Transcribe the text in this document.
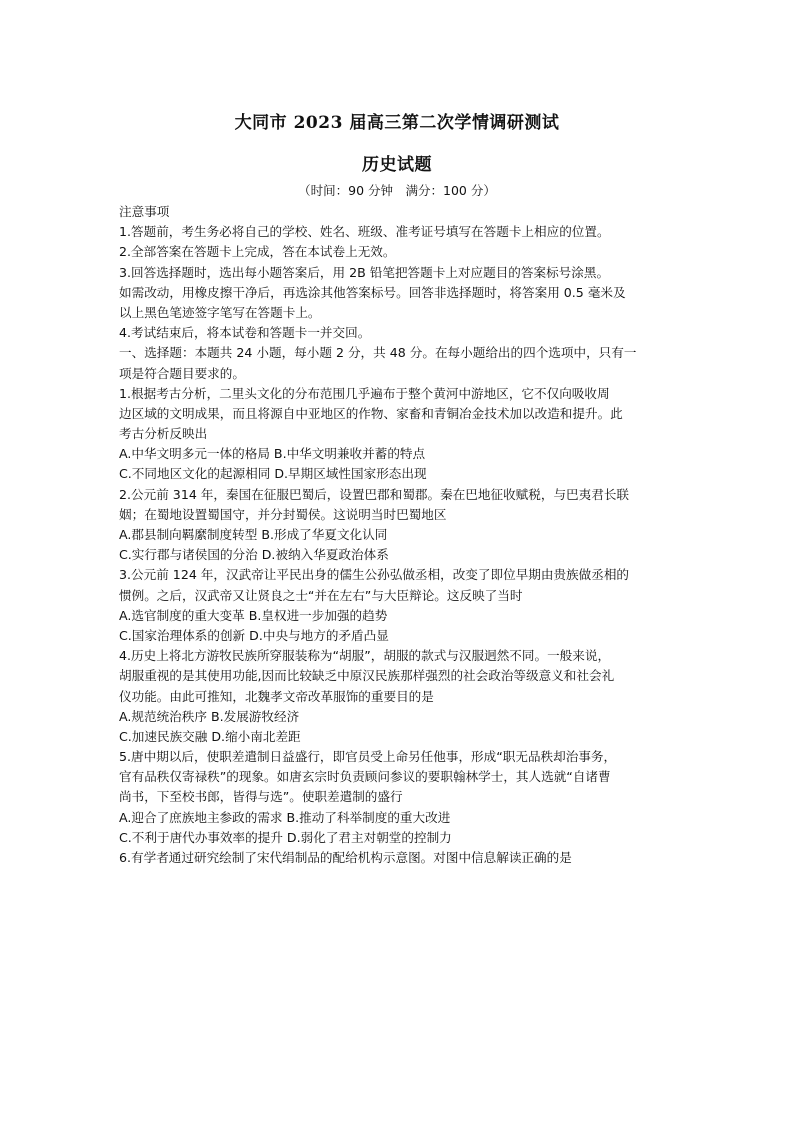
大同市 2023 届高三第二次学情调研测试
历史试题
（时间：90 分钟　满分：100 分）
注意事项
1.答题前，考生务必将自己的学校、姓名、班级、准考证号填写在答题卡上相应的位置。
2.全部答案在答题卡上完成，答在本试卷上无效。
3.回答选择题时，选出每小题答案后，用 2B 铅笔把答题卡上对应题目的答案标号涂黑。
如需改动，用橡皮擦干净后，再选涂其他答案标号。回答非选择题时，将答案用 0.5 毫米及
以上黑色笔迹签字笔写在答题卡上。
4.考试结束后，将本试卷和答题卡一并交回。
一、选择题：本题共 24 小题，每小题 2 分，共 48 分。在每小题给出的四个选项中，只有一
项是符合题目要求的。
1.根据考古分析，二里头文化的分布范围几乎遍布于整个黄河中游地区，它不仅向吸收周
边区域的文明成果，而且将源自中亚地区的作物、家畜和青铜冶金技术加以改造和提升。此
考古分析反映出
A.中华文明多元一体的格局 B.中华文明兼收并蓄的特点
C.不同地区文化的起源相同 D.早期区域性国家形态出现
2.公元前 314 年，秦国在征服巴蜀后，设置巴郡和蜀郡。秦在巴地征收赋税，与巴夷君长联
姻；在蜀地设置蜀国守，并分封蜀侯。这说明当时巴蜀地区
A.郡县制向羁縻制度转型 B.形成了华夏文化认同
C.实行郡与诸侯国的分治 D.被纳入华夏政治体系
3.公元前 124 年，汉武帝让平民出身的儒生公孙弘做丞相，改变了即位早期由贵族做丞相的
惯例。之后，汉武帝又让贤良之士“并在左右”与大臣辩论。这反映了当时
A.选官制度的重大变革 B.皇权进一步加强的趋势
C.国家治理体系的创新 D.中央与地方的矛盾凸显
4.历史上将北方游牧民族所穿服装称为“胡服”，胡服的款式与汉服迥然不同。一般来说，
胡服重视的是其使用功能,因而比较缺乏中原汉民族那样强烈的社会政治等级意义和社会礼
仪功能。由此可推知，北魏孝文帝改革服饰的重要目的是
A.规范统治秩序 B.发展游牧经济
C.加速民族交融 D.缩小南北差距
5.唐中期以后，使职差遣制日益盛行，即官员受上命另任他事，形成“职无品秩却治事务，
官有品秩仅寄禄秩”的现象。如唐玄宗时负责顾问参议的要职翰林学士，其人选就“自诸曹
尚书，下至校书郎，皆得与选”。使职差遣制的盛行
A.迎合了庶族地主参政的需求 B.推动了科举制度的重大改进
C.不利于唐代办事效率的提升 D.弱化了君主对朝堂的控制力
6.有学者通过研究绘制了宋代绢制品的配给机构示意图。对图中信息解读正确的是
